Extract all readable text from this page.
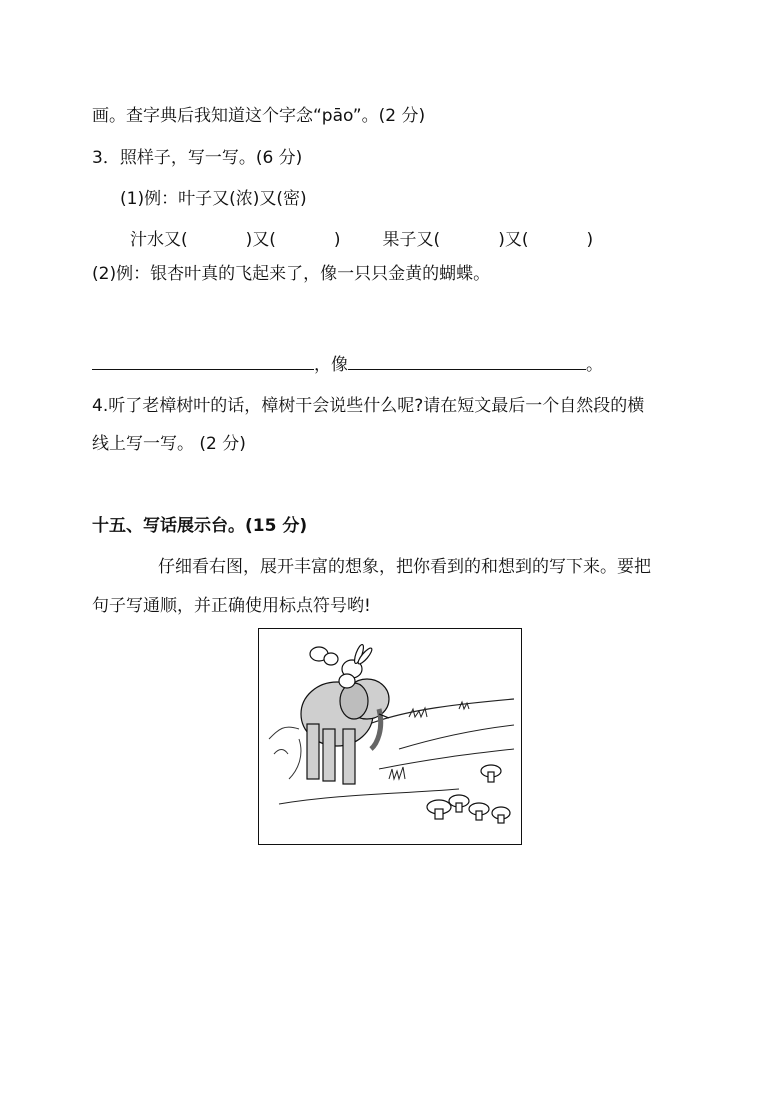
画。查字典后我知道这个字念“pāo”。(2 分)
3．照样子，写一写。(6 分)
(1)例：叶子又(浓)又(密)
汁水又(	)又(	) 果子又(	)又(	)
(2)例：银杏叶真的飞起来了，像一只只金黄的蝴蝶。
，像	。
4.听了老樟树叶的话，樟树干会说些什么呢?请在短文最后一个自然段的横
线上写一写。 (2 分)
十五、写话展示台。(15 分)
仔细看右图，展开丰富的想象，把你看到的和想到的写下来。要把
句子写通顺，并正确使用标点符号哟!
